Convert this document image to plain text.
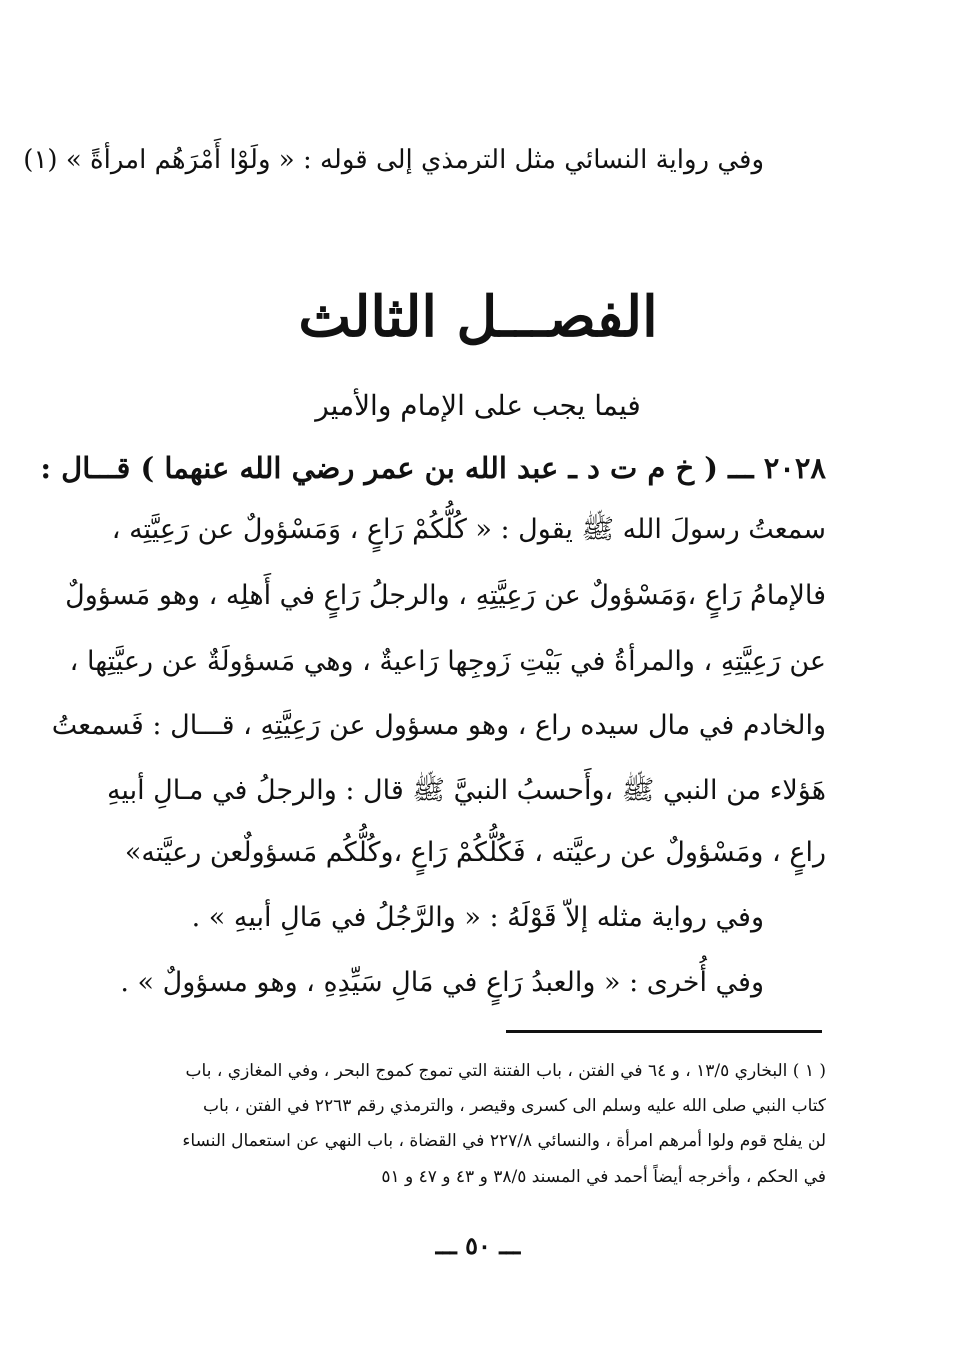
وفي رواية النسائي مثل الترمذي إلى قوله : « ولَوْا أَمْرَهُم امرأةً » (١)
الفصـــل الثالث
فيما يجب على الإمام والأمير
٢٠٢٨ ـــ ( خ م ت د ـ عبد الله بن عمر رضي الله عنهما ) قـــال :
سمعتُ رسولَ الله ﷺ يقول : « كُلُّكُمْ رَاعٍ ، وَمَسْؤولٌ عن رَعِيَّتِه ،
فالإمامُ رَاعٍ ،وَمَسْؤولٌ عن رَعِيَّتِهِ ، والرجلُ رَاعٍ في أَهلِه ، وهو مَسؤولٌ
عن رَعِيَّتِهِ ، والمرأةُ في بَيْتِ زَوجِها رَاعيةٌ ، وهي مَسؤولَةٌ عن رعيَّتِها ،
والخادم في مال سيده راع ، وهو مسؤول عن رَعِيَّتِهِ ، قـــال : فَسمعتُ
هَؤلاء من النبي ﷺ ،وأَحسبُ النبيَّ ﷺ قال : والرجلُ في مـالِ أبيهِ
راعٍ ، ومَسْؤولٌ عن رعيَّته ، فَكُلُّكُمْ رَاعٍ ،وكُلُّكُم مَسؤولٌعن رعيَّته»
وفي رواية مثله إلاّ قَوْلَهُ : « والرَّجُلُ في مَالِ أبيهِ » .
وفي أُخرى : « والعبدُ رَاعٍ في مَالِ سَيِّدِهِ ، وهو مسؤولٌ » .
( ١ ) البخاري ١٣/٥ ، و ٦٤ في الفتن ، باب الفتنة التي تموج كموج البحر ، وفي المغازي ، باب
كتاب النبي صلى الله عليه وسلم الى كسرى وقيصر ، والترمذي رقم ٢٢٦٣ في الفتن ، باب
لن يفلح قوم ولوا أمرهم امرأة ، والنسائي ٢٢٧/٨ في القضاة ، باب النهي عن استعمال النساء
في الحكم ، وأخرجه أيضاً أحمد في المسند ٣٨/٥ و ٤٣ و ٤٧ و ٥١
ـــ ٥٠ ـــ
